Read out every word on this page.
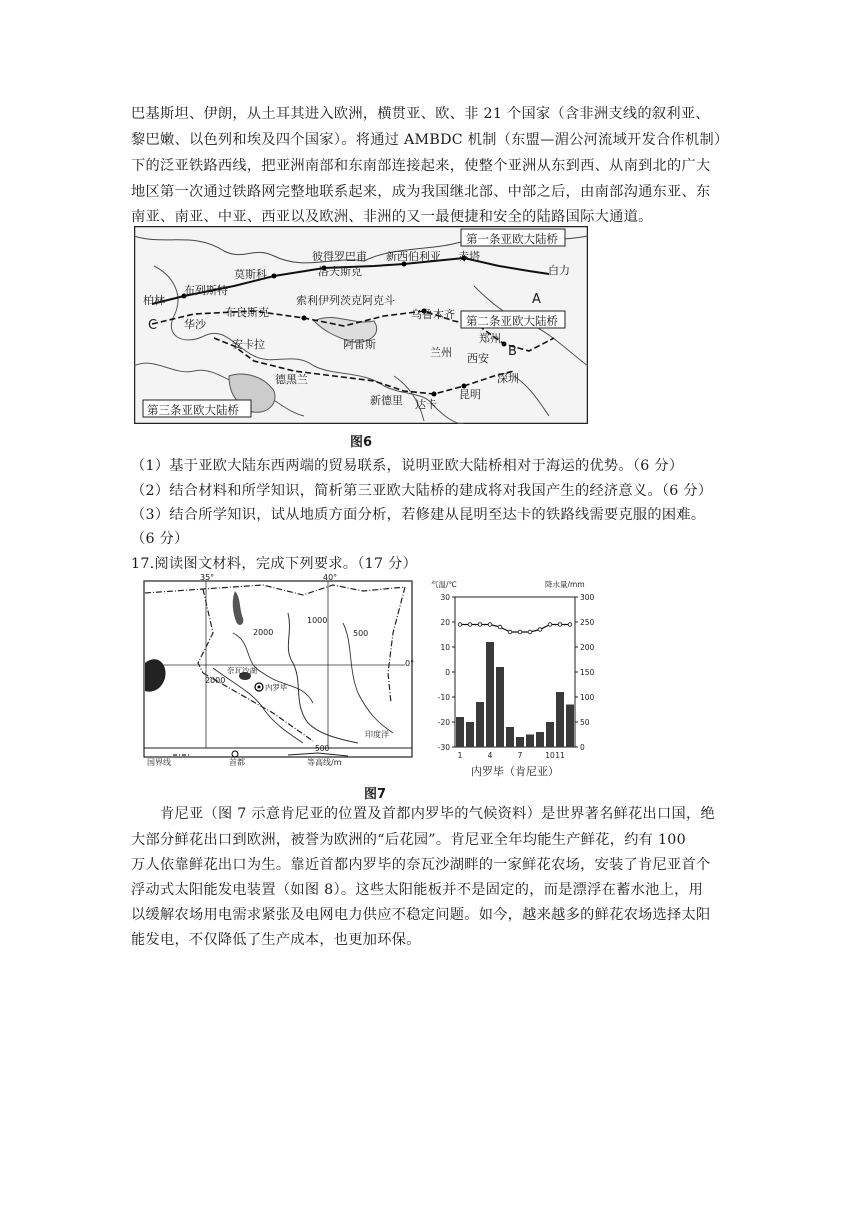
巴基斯坦、伊朗，从土耳其进入欧洲，横贯亚、欧、非 21 个国家（含非洲支线的叙利亚、
黎巴嫩、以色列和埃及四个国家）。将通过 AMBDC 机制（东盟—湄公河流域开发合作机制）
下的泛亚铁路西线，把亚洲南部和东南部连接起来，使整个亚洲从东到西、从南到北的广大
地区第一次通过铁路网完整地联系起来，成为我国继北部、中部之后，由南部沟通东亚、东
南亚、南亚、中亚、西亚以及欧洲、非洲的又一最便捷和安全的陆路国际大通道。
第一条亚欧大陆桥
第二条亚欧大陆桥
第三条亚欧大陆桥
莫斯科
彼得罗巴甫
洛夫斯克
新西伯利亚 赤塔
白力
布列斯特
柏林
布良斯克
索利伊列茨克阿克斗
华沙
乌鲁木齐
郑州
安卡拉	阿雷斯
兰州 西安
德黑兰	深圳
昆明
新德里 达卡
A
B
C
图6
（1）基于亚欧大陆东西两端的贸易联系，说明亚欧大陆桥相对于海运的优势。（6 分）
（2）结合材料和所学知识，简析第三亚欧大陆桥的建成将对我国产生的经济意义。（6 分）
（3）结合所学知识，试从地质方面分析，若修建从昆明至达卡的铁路线需要克服的困难。
（6 分）
17.阅读图文材料，完成下列要求。（17 分）
35°	40°
0°
1000
2000	500
2000
奈瓦沙湖
内罗毕
印度洋
国界线	首都
500
等高线/m
30
20
10
0
-10
-20
-30
300
250
200
150
100
50
0
1	4	7	10 11
气温/℃	降水量/mm
内罗毕（肯尼亚）
图7
肯尼亚（图 7 示意肯尼亚的位置及首都内罗毕的气候资料）是世界著名鲜花出口国，绝
大部分鲜花出口到欧洲，被誉为欧洲的“后花园”。肯尼亚全年均能生产鲜花，约有 100
万人依靠鲜花出口为生。靠近首都内罗毕的奈瓦沙湖畔的一家鲜花农场，安装了肯尼亚首个
浮动式太阳能发电装置（如图 8）。这些太阳能板并不是固定的，而是漂浮在蓄水池上，用
以缓解农场用电需求紧张及电网电力供应不稳定问题。如今，越来越多的鲜花农场选择太阳
能发电，不仅降低了生产成本，也更加环保。
